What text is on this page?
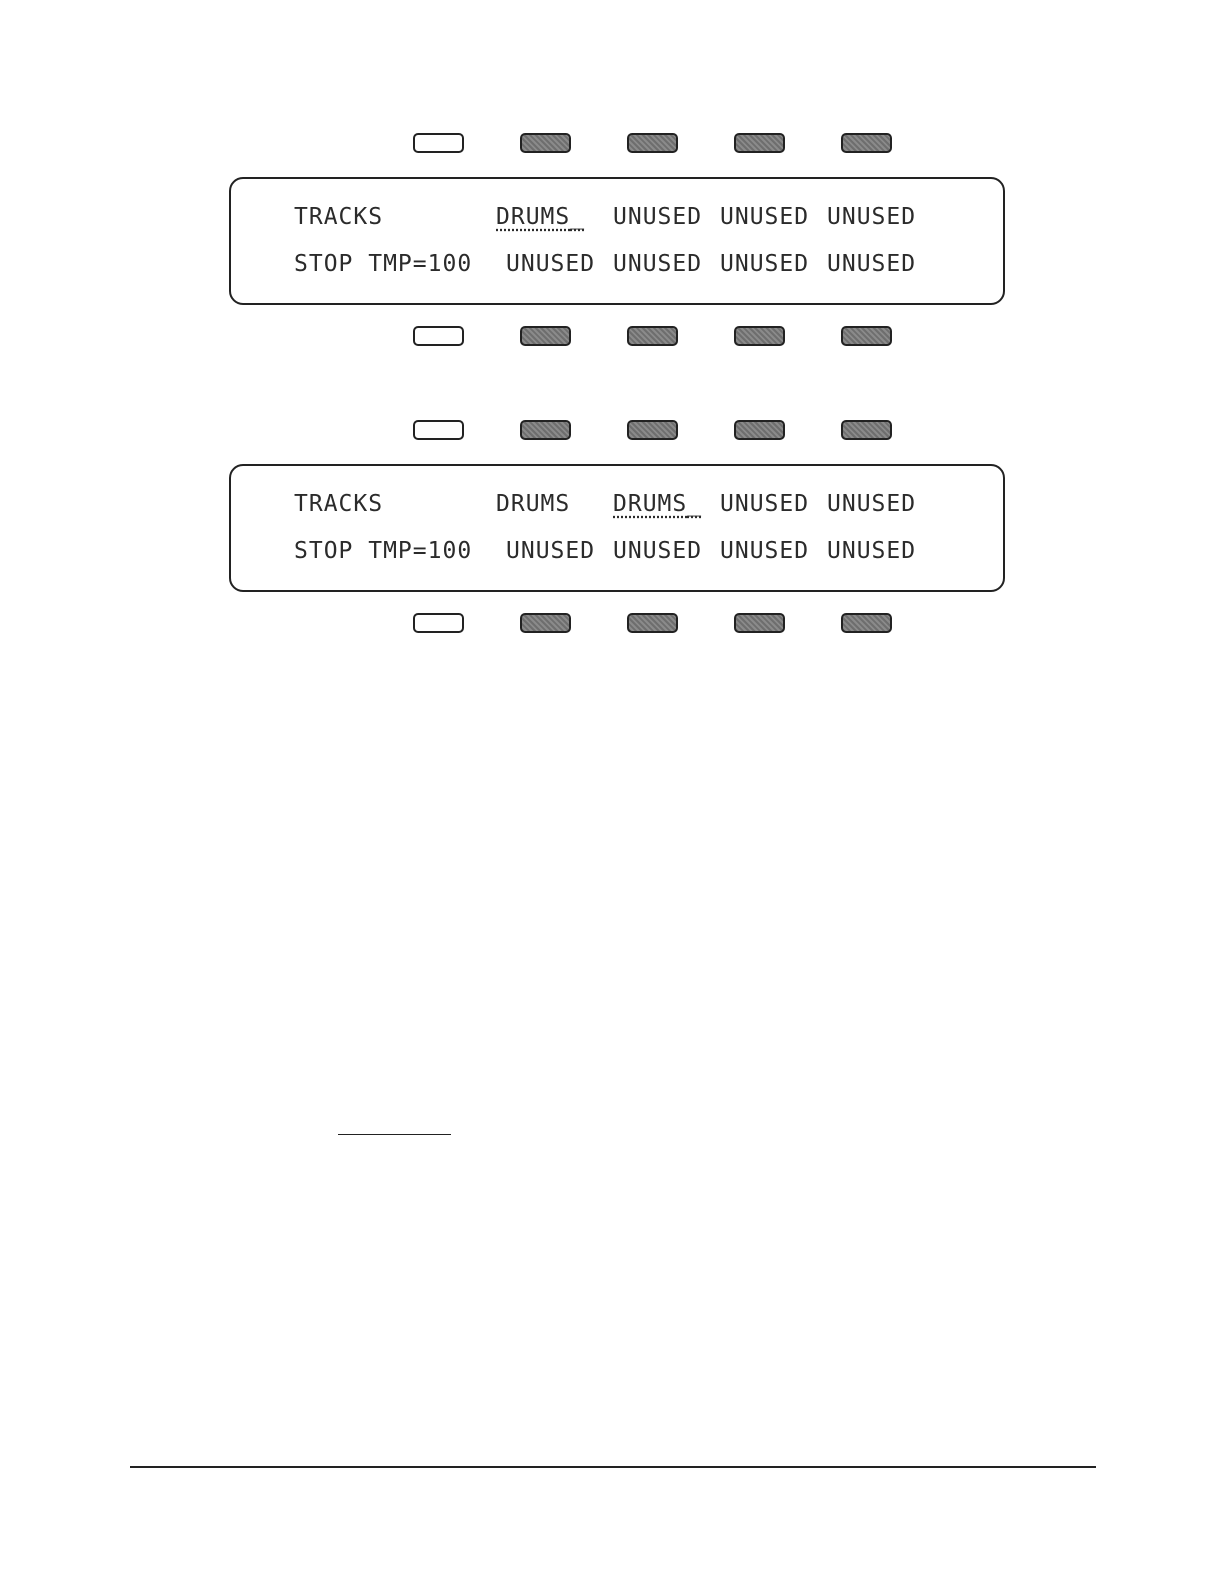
TRACKS	DRUMS _	UNUSED UNUSED UNUSED
STOP TMP=100 UNUSED UNUSED UNUSED UNUSED
TRACKS	DRUMS DRUMS _	UNUSED UNUSED
STOP TMP=100 UNUSED UNUSED UNUSED UNUSED
